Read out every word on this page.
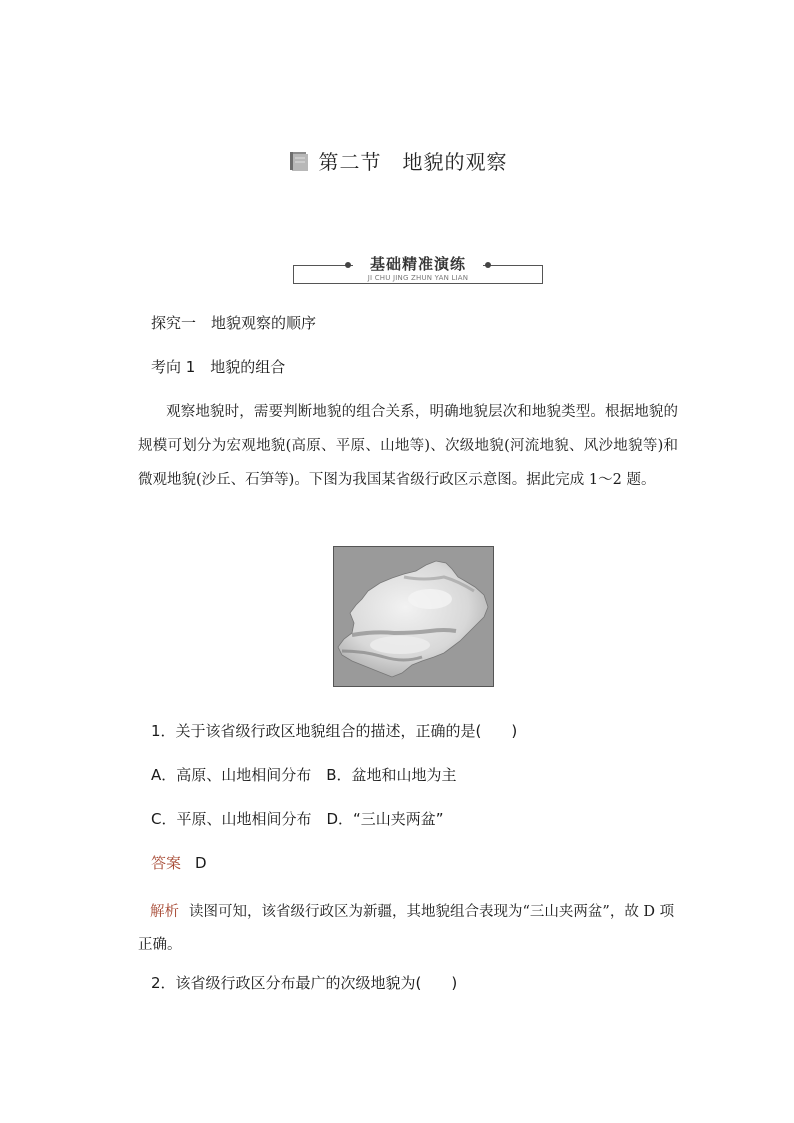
第二节　地貌的观察
基础精准演练
JI CHU JING ZHUN YAN LIAN
探究一　地貌观察的顺序
考向 1　地貌的组合
观察地貌时，需要判断地貌的组合关系，明确地貌层次和地貌类型。根据地貌的规模可划分为宏观地貌(高原、平原、山地等)、次级地貌(河流地貌、风沙地貌等)和微观地貌(沙丘、石笋等)。下图为我国某省级行政区示意图。据此完成 1～2 题。
1．关于该省级行政区地貌组合的描述，正确的是(　　)
A．高原、山地相间分布　B．盆地和山地为主
C．平原、山地相间分布　D．“三山夹两盆”
答案 D
解析 读图可知，该省级行政区为新疆，其地貌组合表现为“三山夹两盆”，故 D 项正确。
2．该省级行政区分布最广的次级地貌为(　　)
